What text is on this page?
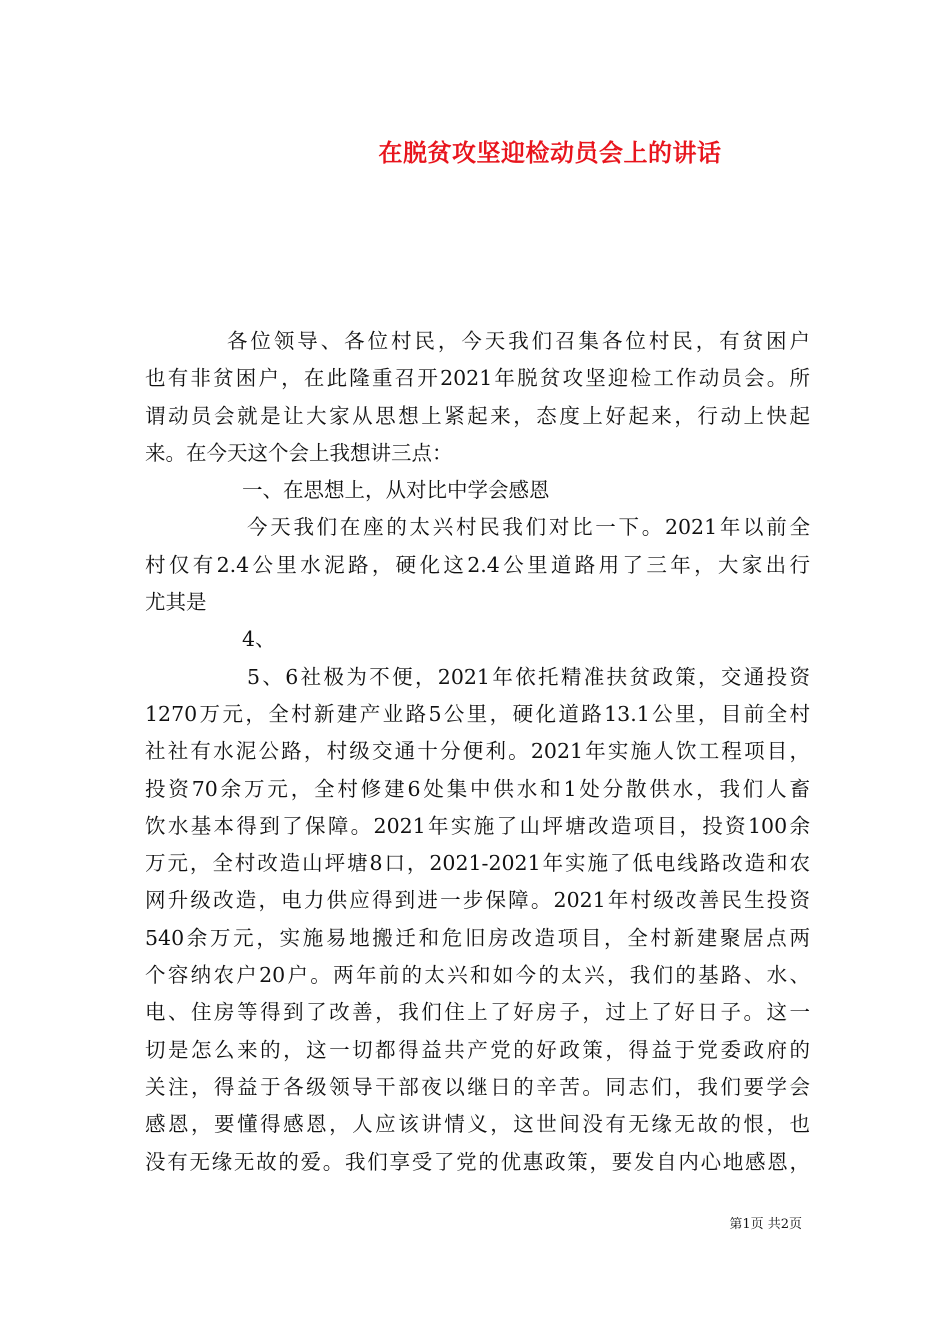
在脱贫攻坚迎检动员会上的讲话
各位领导、各位村民，今天我们召集各位村民，有贫困户
也有非贫困户，在此隆重召开2021年脱贫攻坚迎检工作动员会。所
谓动员会就是让大家从思想上紧起来，态度上好起来，行动上快起
来。在今天这个会上我想讲三点：
一、在思想上，从对比中学会感恩
今天我们在座的太兴村民我们对比一下。2021年以前全
村仅有2.4公里水泥路，硬化这2.4公里道路用了三年，大家出行
尤其是
4、
5、6社极为不便，2021年依托精准扶贫政策，交通投资
1270万元，全村新建产业路5公里，硬化道路13.1公里，目前全村
社社有水泥公路，村级交通十分便利。2021年实施人饮工程项目，
投资70余万元，全村修建6处集中供水和1处分散供水，我们人畜
饮水基本得到了保障。2021年实施了山坪塘改造项目，投资100余
万元，全村改造山坪塘8口，2021-2021年实施了低电线路改造和农
网升级改造，电力供应得到进一步保障。2021年村级改善民生投资
540余万元，实施易地搬迁和危旧房改造项目，全村新建聚居点两
个容纳农户20户。两年前的太兴和如今的太兴，我们的基路、水、
电、住房等得到了改善，我们住上了好房子，过上了好日子。这一
切是怎么来的，这一切都得益共产党的好政策，得益于党委政府的
关注，得益于各级领导干部夜以继日的辛苦。同志们，我们要学会
感恩，要懂得感恩，人应该讲情义，这世间没有无缘无故的恨，也
没有无缘无故的爱。我们享受了党的优惠政策，要发自内心地感恩，
第1页 共2页
